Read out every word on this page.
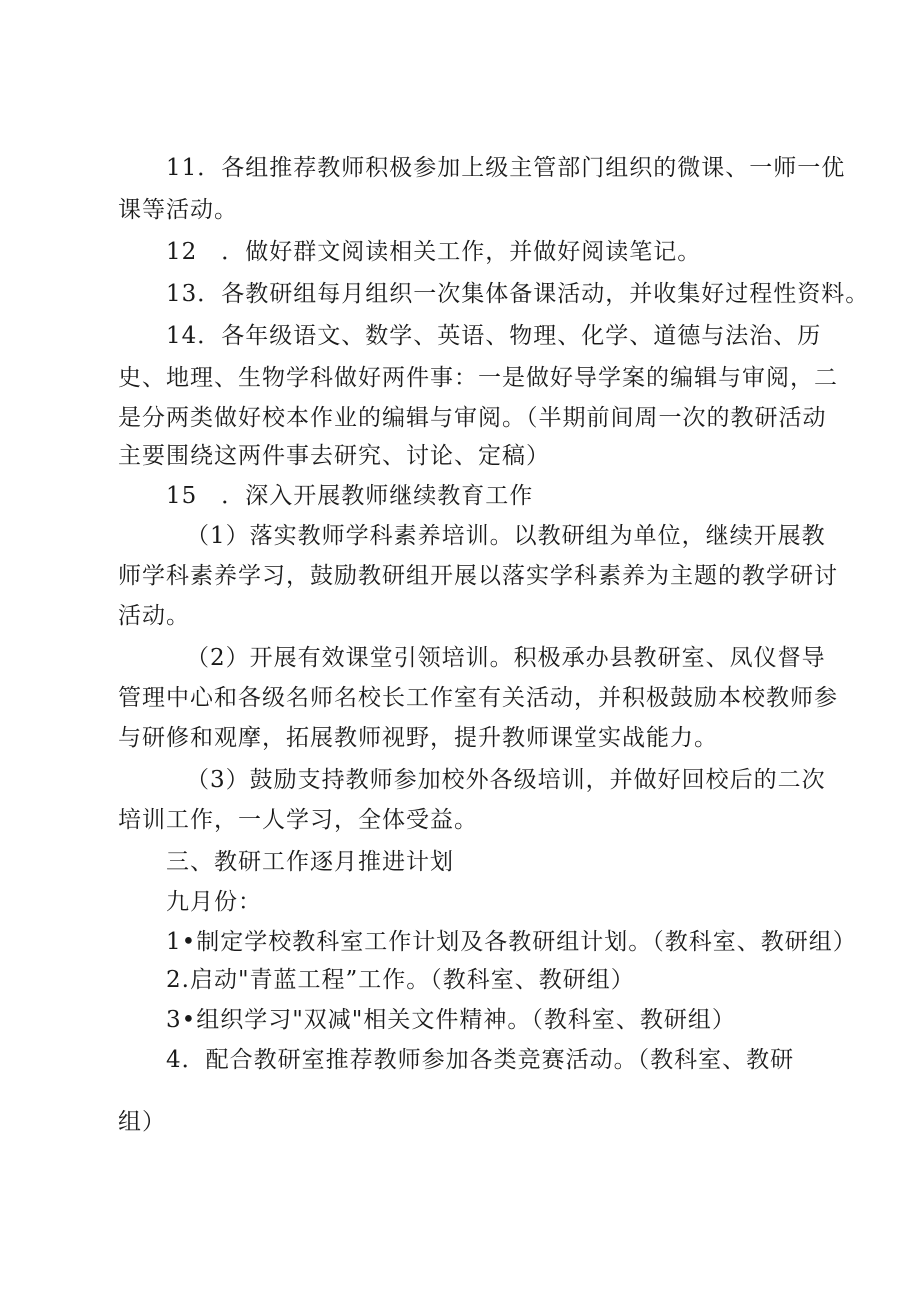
11．各组推荐教师积极参加上级主管部门组织的微课、一师一优
课等活动。
12　．做好群文阅读相关工作，并做好阅读笔记。
13．各教研组每月组织一次集体备课活动，并收集好过程性资料。
14．各年级语文、数学、英语、物理、化学、道德与法治、历
史、地理、生物学科做好两件事：一是做好导学案的编辑与审阅，二
是分两类做好校本作业的编辑与审阅。（半期前间周一次的教研活动
主要围绕这两件事去研究、讨论、定稿）
15　．深入开展教师继续教育工作
（1）落实教师学科素养培训。以教研组为单位，继续开展教
师学科素养学习，鼓励教研组开展以落实学科素养为主题的教学研讨
活动。
（2）开展有效课堂引领培训。积极承办县教研室、凤仪督导
管理中心和各级名师名校长工作室有关活动，并积极鼓励本校教师参
与研修和观摩，拓展教师视野，提升教师课堂实战能力。
（3）鼓励支持教师参加校外各级培训，并做好回校后的二次
培训工作，一人学习，全体受益。
三、教研工作逐月推进计划
九月份：
1•制定学校教科室工作计划及各教研组计划。（教科室、教研组）
2.启动"青蓝工程”工作。（教科室、教研组）
3•组织学习"双减"相关文件精神。（教科室、教研组）
4．配合教研室推荐教师参加各类竞赛活动。（教科室、教研
组）
